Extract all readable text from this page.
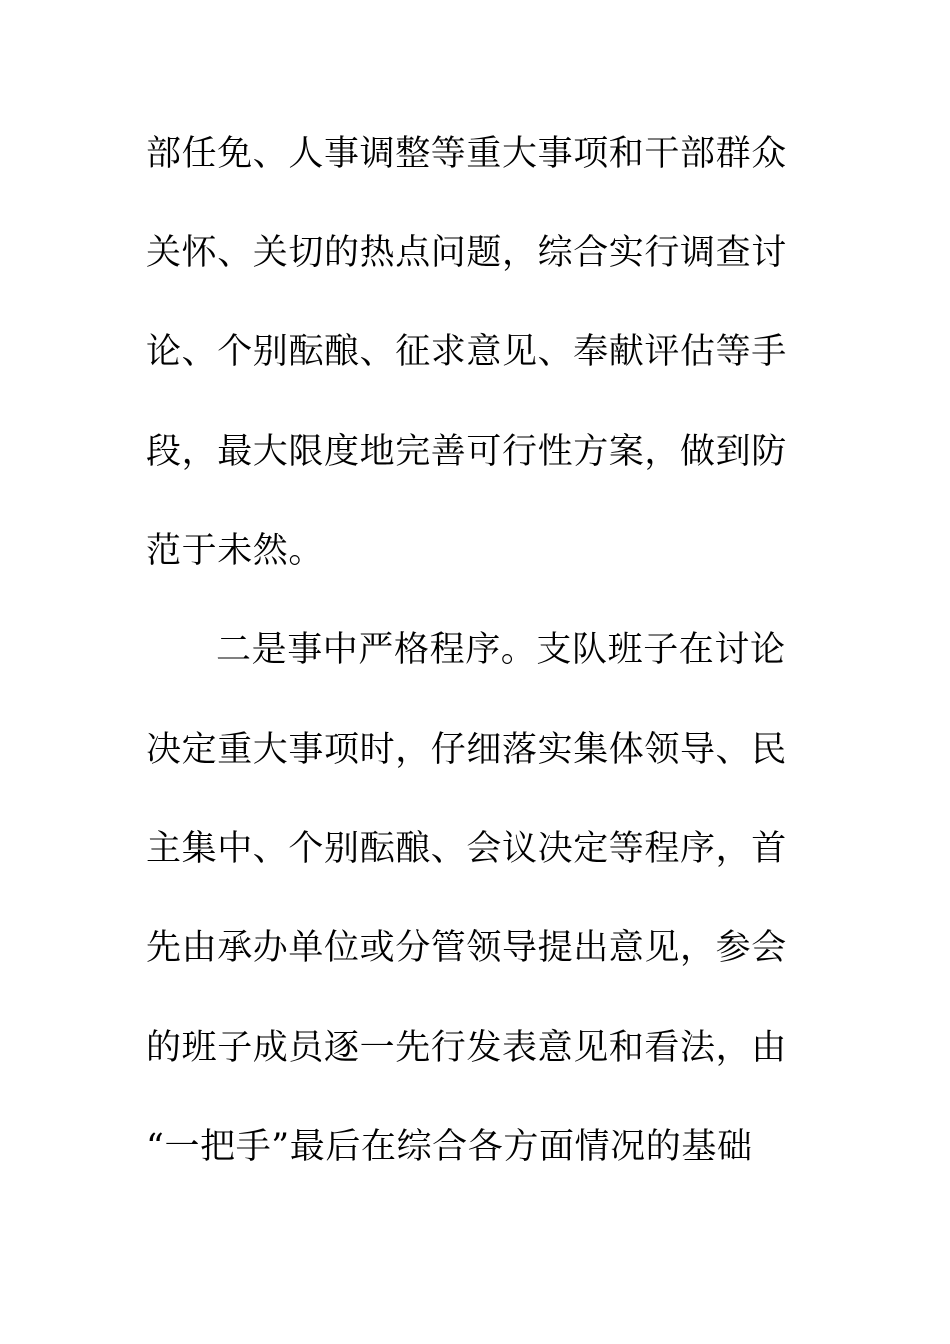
部任免、人事调整等重大事项和干部群众
关怀、关切的热点问题，综合实行调查讨
论、个别酝酿、征求意见、奉献评估等手
段，最大限度地完善可行性方案，做到防
范于未然。
二是事中严格程序。支队班子在讨论
决定重大事项时，仔细落实集体领导、民
主集中、个别酝酿、会议决定等程序，首
先由承办单位或分管领导提出意见，参会
的班子成员逐一先行发表意见和看法，由
“一把手”最后在综合各方面情况的基础
